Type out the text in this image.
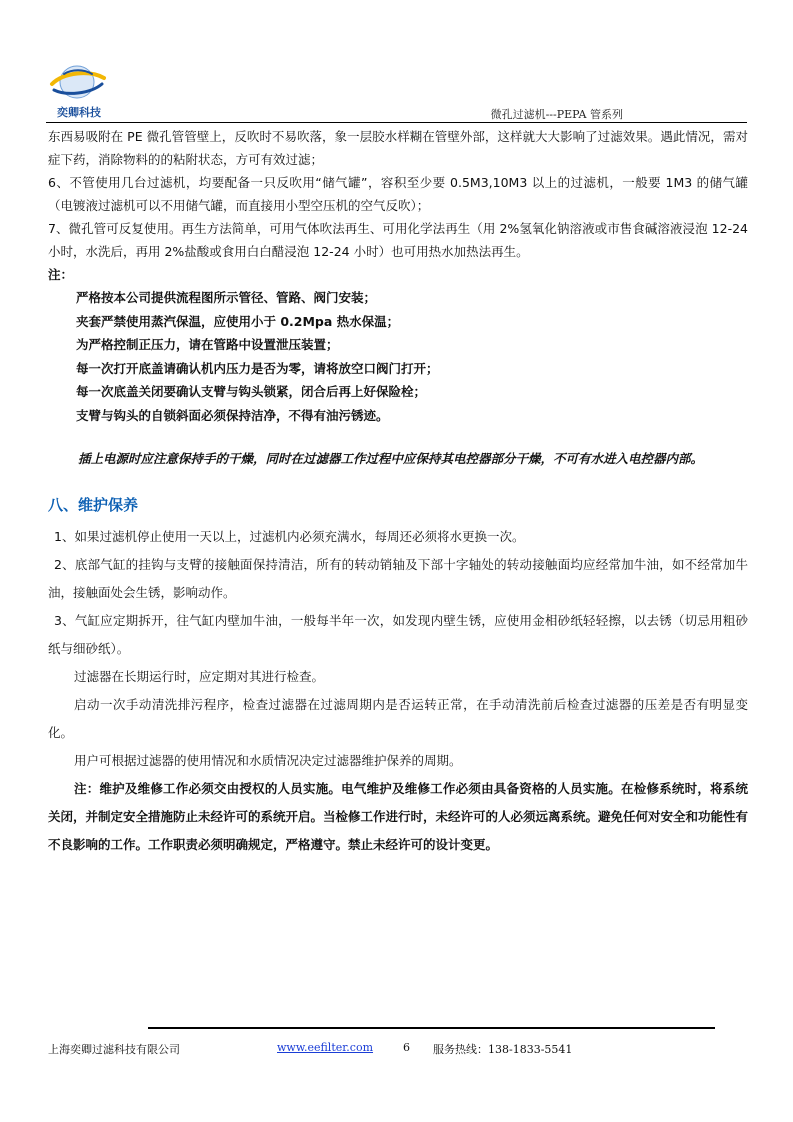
奕卿科技	微孔过滤机---PEPA 管系列

东西易吸附在 PE 微孔管管壁上，反吹时不易吹落，象一层胶水样糊在管壁外部，这样就大大影响了过滤效果。遇此情况，需对症下药，消除物料的的粘附状态，方可有效过滤；

6、不管使用几台过滤机，均要配备一只反吹用“储气罐”，容积至少要 0.5M3,10M3 以上的过滤机，一般要 1M3 的储气罐（电镀液过滤机可以不用储气罐，而直接用小型空压机的空气反吹）；

7、微孔管可反复使用。再生方法简单，可用气体吹法再生、可用化学法再生（用 2%氢氧化钠溶液或市售食碱溶液浸泡 12-24 小时，水洗后，再用 2%盐酸或食用白白醋浸泡 12-24 小时）也可用热水加热法再生。

注：

严格按本公司提供流程图所示管径、管路、阀门安装；

夹套严禁使用蒸汽保温，应使用小于 0.2Mpa 热水保温；

为严格控制正压力，请在管路中设置泄压装置；

每一次打开底盖请确认机内压力是否为零，请将放空口阀门打开；

每一次底盖关闭要确认支臂与钩头锁紧，闭合后再上好保险栓；

支臂与钩头的自锁斜面必须保持洁净，不得有油污锈迹。

插上电源时应注意保持手的干燥，同时在过滤器工作过程中应保持其电控器部分干燥，不可有水进入电控器内部。

八、维护保养

1、如果过滤机停止使用一天以上，过滤机内必须充满水，每周还必须将水更换一次。

2、底部气缸的挂钩与支臂的接触面保持清洁，所有的转动销轴及下部十字轴处的转动接触面均应经常加牛油，如不经常加牛油，接触面处会生锈，影响动作。

3、气缸应定期拆开，往气缸内壁加牛油，一般每半年一次，如发现内壁生锈，应使用金相砂纸轻轻擦，以去锈（切忌用粗砂纸与细砂纸）。

过滤器在长期运行时，应定期对其进行检查。

启动一次手动清洗排污程序，检查过滤器在过滤周期内是否运转正常，在手动清洗前后检查过滤器的压差是否有明显变化。

用户可根据过滤器的使用情况和水质情况决定过滤器维护保养的周期。

注：维护及维修工作必须交由授权的人员实施。电气维护及维修工作必须由具备资格的人员实施。在检修系统时，将系统关闭，并制定安全措施防止未经许可的系统开启。当检修工作进行时，未经许可的人必须远离系统。避免任何对安全和功能性有不良影响的工作。工作职责必须明确规定，严格遵守。禁止未经许可的设计变更。

上海奕卿过滤科技有限公司	www.eefilter.com	6 服务热线：138-1833-5541
